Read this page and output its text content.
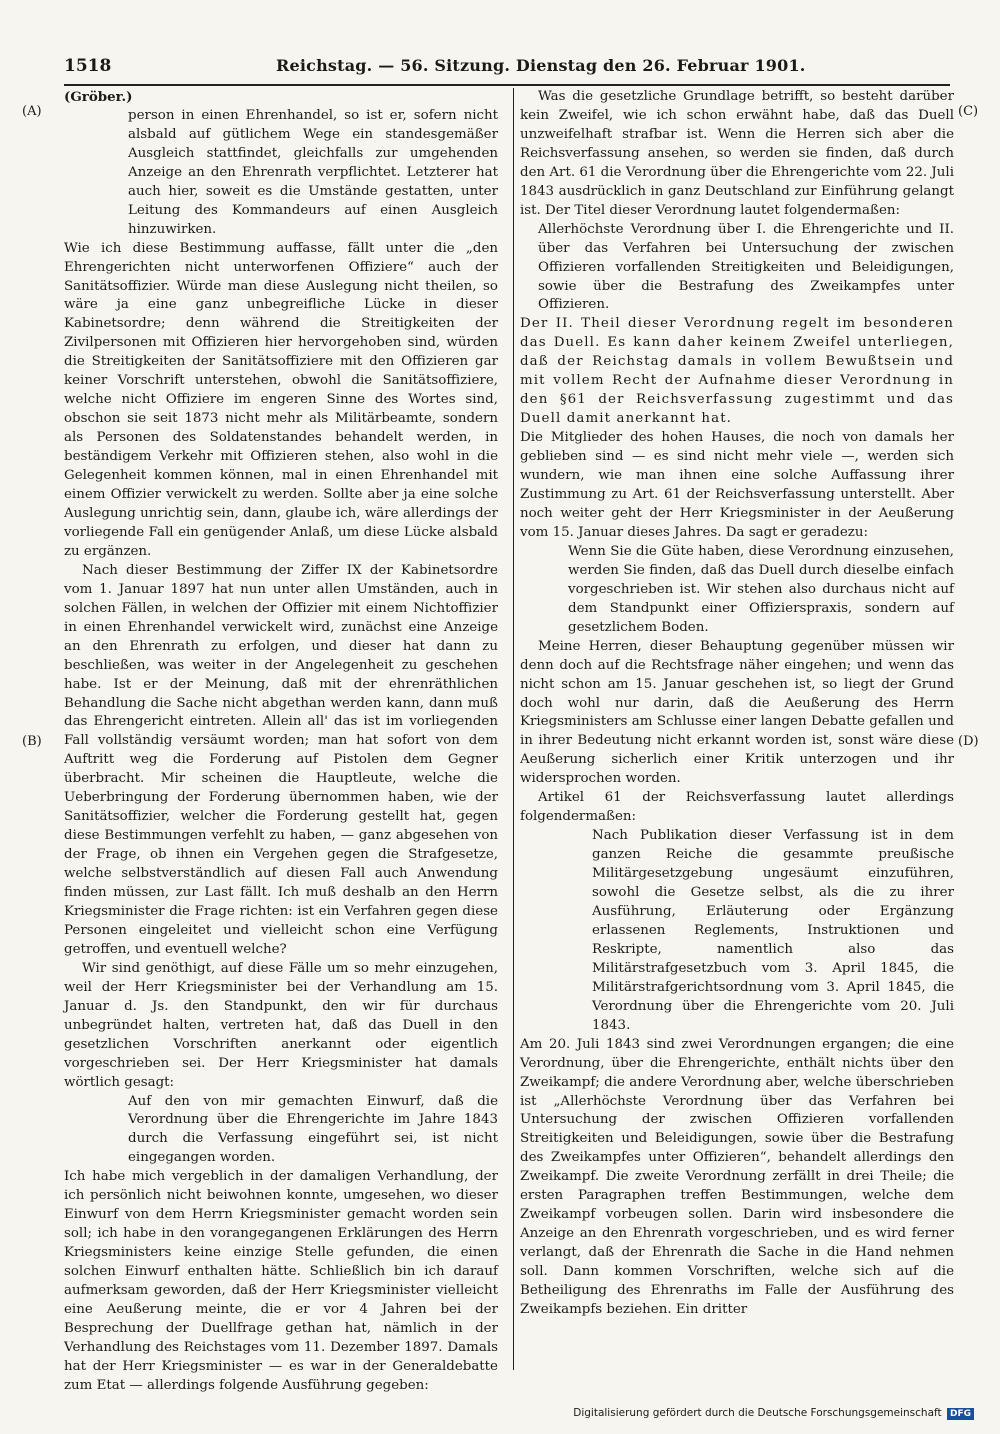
1518	Reichstag. — 56. Sitzung. Dienstag den 26. Februar 1901.
(A)
(B)
(C)
(D)

(Gröber.)

person in einen Ehrenhandel, so ist er, sofern nicht alsbald auf gütlichem Wege ein standesgemäßer Ausgleich stattfindet, gleichfalls zur umgehenden Anzeige an den Ehrenrath verpflichtet. Letzterer hat auch hier, soweit es die Umstände gestatten, unter Leitung des Kommandeurs auf einen Ausgleich hinzuwirken.

Wie ich diese Bestimmung auffasse, fällt unter die „den Ehrengerichten nicht unterworfenen Offiziere“ auch der Sanitätsoffizier. Würde man diese Auslegung nicht theilen, so wäre ja eine ganz unbegreifliche Lücke in dieser Kabinetsordre; denn während die Streitigkeiten der Zivilpersonen mit Offizieren hier hervorgehoben sind, würden die Streitigkeiten der Sanitätsoffiziere mit den Offizieren gar keiner Vorschrift unterstehen, obwohl die Sanitätsoffiziere, welche nicht Offiziere im engeren Sinne des Wortes sind, obschon sie seit 1873 nicht mehr als Militärbeamte, sondern als Personen des Soldatenstandes behandelt werden, in beständigem Verkehr mit Offizieren stehen, also wohl in die Gelegenheit kommen können, mal in einen Ehrenhandel mit einem Offizier verwickelt zu werden. Sollte aber ja eine solche Auslegung unrichtig sein, dann, glaube ich, wäre allerdings der vorliegende Fall ein genügender Anlaß, um diese Lücke alsbald zu ergänzen.

Nach dieser Bestimmung der Ziffer IX der Kabinetsordre vom 1. Januar 1897 hat nun unter allen Umständen, auch in solchen Fällen, in welchen der Offizier mit einem Nichtoffizier in einen Ehrenhandel verwickelt wird, zunächst eine Anzeige an den Ehrenrath zu erfolgen, und dieser hat dann zu beschließen, was weiter in der Angelegenheit zu geschehen habe. Ist er der Meinung, daß mit der ehrenräthlichen Behandlung die Sache nicht abgethan werden kann, dann muß das Ehrengericht eintreten. Allein all' das ist im vorliegenden Fall vollständig versäumt worden; man hat sofort von dem Auftritt weg die Forderung auf Pistolen dem Gegner überbracht. Mir scheinen die Hauptleute, welche die Ueberbringung der Forderung übernommen haben, wie der Sanitätsoffizier, welcher die Forderung gestellt hat, gegen diese Bestimmungen verfehlt zu haben, — ganz abgesehen von der Frage, ob ihnen ein Vergehen gegen die Strafgesetze, welche selbstverständlich auf diesen Fall auch Anwendung finden müssen, zur Last fällt. Ich muß deshalb an den Herrn Kriegsminister die Frage richten: ist ein Verfahren gegen diese Personen eingeleitet und vielleicht schon eine Verfügung getroffen, und eventuell welche?

Wir sind genöthigt, auf diese Fälle um so mehr einzugehen, weil der Herr Kriegsminister bei der Verhandlung am 15. Januar d. Js. den Standpunkt, den wir für durchaus unbegründet halten, vertreten hat, daß das Duell in den gesetzlichen Vorschriften anerkannt oder eigentlich vorgeschrieben sei. Der Herr Kriegsminister hat damals wörtlich gesagt:

Auf den von mir gemachten Einwurf, daß die Verordnung über die Ehrengerichte im Jahre 1843 durch die Verfassung eingeführt sei, ist nicht eingegangen worden.

Ich habe mich vergeblich in der damaligen Verhandlung, der ich persönlich nicht beiwohnen konnte, umgesehen, wo dieser Einwurf von dem Herrn Kriegsminister gemacht worden sein soll; ich habe in den vorangegangenen Erklärungen des Herrn Kriegsministers keine einzige Stelle gefunden, die einen solchen Einwurf enthalten hätte. Schließlich bin ich darauf aufmerksam geworden, daß der Herr Kriegsminister vielleicht eine Aeußerung meinte, die er vor 4 Jahren bei der Besprechung der Duellfrage gethan hat, nämlich in der Verhandlung des Reichstages vom 11. Dezember 1897. Damals hat der Herr Kriegsminister — es war in der Generaldebatte zum Etat — allerdings folgende Ausführung gegeben:

Was die gesetzliche Grundlage betrifft, so besteht darüber kein Zweifel, wie ich schon erwähnt habe, daß das Duell unzweifelhaft strafbar ist. Wenn die Herren sich aber die Reichsverfassung ansehen, so werden sie finden, daß durch den Art. 61 die Verordnung über die Ehrengerichte vom 22. Juli 1843 ausdrücklich in ganz Deutschland zur Einführung gelangt ist. Der Titel dieser Verordnung lautet folgendermaßen:

Allerhöchste Verordnung über I. die Ehrengerichte und II. über das Verfahren bei Untersuchung der zwischen Offizieren vorfallenden Streitigkeiten und Beleidigungen, sowie über die Bestrafung des Zweikampfes unter Offizieren.

Der II. Theil dieser Verordnung regelt im besonderen das Duell. Es kann daher keinem Zweifel unterliegen, daß der Reichstag damals in vollem Bewußtsein und mit vollem Recht der Aufnahme dieser Verordnung in den §61 der Reichsverfassung zugestimmt und das Duell damit anerkannt hat.

Die Mitglieder des hohen Hauses, die noch von damals her geblieben sind — es sind nicht mehr viele —, werden sich wundern, wie man ihnen eine solche Auffassung ihrer Zustimmung zu Art. 61 der Reichsverfassung unterstellt. Aber noch weiter geht der Herr Kriegsminister in der Aeußerung vom 15. Januar dieses Jahres. Da sagt er geradezu:

Wenn Sie die Güte haben, diese Verordnung einzusehen, werden Sie finden, daß das Duell durch dieselbe einfach vorgeschrieben ist. Wir stehen also durchaus nicht auf dem Standpunkt einer Offizierspraxis, sondern auf gesetzlichem Boden.

Meine Herren, dieser Behauptung gegenüber müssen wir denn doch auf die Rechtsfrage näher eingehen; und wenn das nicht schon am 15. Januar geschehen ist, so liegt der Grund doch wohl nur darin, daß die Aeußerung des Herrn Kriegsministers am Schlusse einer langen Debatte gefallen und in ihrer Bedeutung nicht erkannt worden ist, sonst wäre diese Aeußerung sicherlich einer Kritik unterzogen und ihr widersprochen worden.

Artikel 61 der Reichsverfassung lautet allerdings folgendermaßen:

Nach Publikation dieser Verfassung ist in dem ganzen Reiche die gesammte preußische Militärgesetzgebung ungesäumt einzuführen, sowohl die Gesetze selbst, als die zu ihrer Ausführung, Erläuterung oder Ergänzung erlassenen Reglements, Instruktionen und Reskripte, namentlich also das Militärstrafgesetzbuch vom 3. April 1845, die Militärstrafgerichtsordnung vom 3. April 1845, die Verordnung über die Ehrengerichte vom 20. Juli 1843.

Am 20. Juli 1843 sind zwei Verordnungen ergangen; die eine Verordnung, über die Ehrengerichte, enthält nichts über den Zweikampf; die andere Verordnung aber, welche überschrieben ist „Allerhöchste Verordnung über das Verfahren bei Untersuchung der zwischen Offizieren vorfallenden Streitigkeiten und Beleidigungen, sowie über die Bestrafung des Zweikampfes unter Offizieren“, behandelt allerdings den Zweikampf. Die zweite Verordnung zerfällt in drei Theile; die ersten Paragraphen treffen Bestimmungen, welche dem Zweikampf vorbeugen sollen. Darin wird insbesondere die Anzeige an den Ehrenrath vorgeschrieben, und es wird ferner verlangt, daß der Ehrenrath die Sache in die Hand nehmen soll. Dann kommen Vorschriften, welche sich auf die Betheiligung des Ehrenraths im Falle der Ausführung des Zweikampfs beziehen. Ein dritter

Digitalisierung gefördert durch die Deutsche Forschungsgemeinschaft DFG
